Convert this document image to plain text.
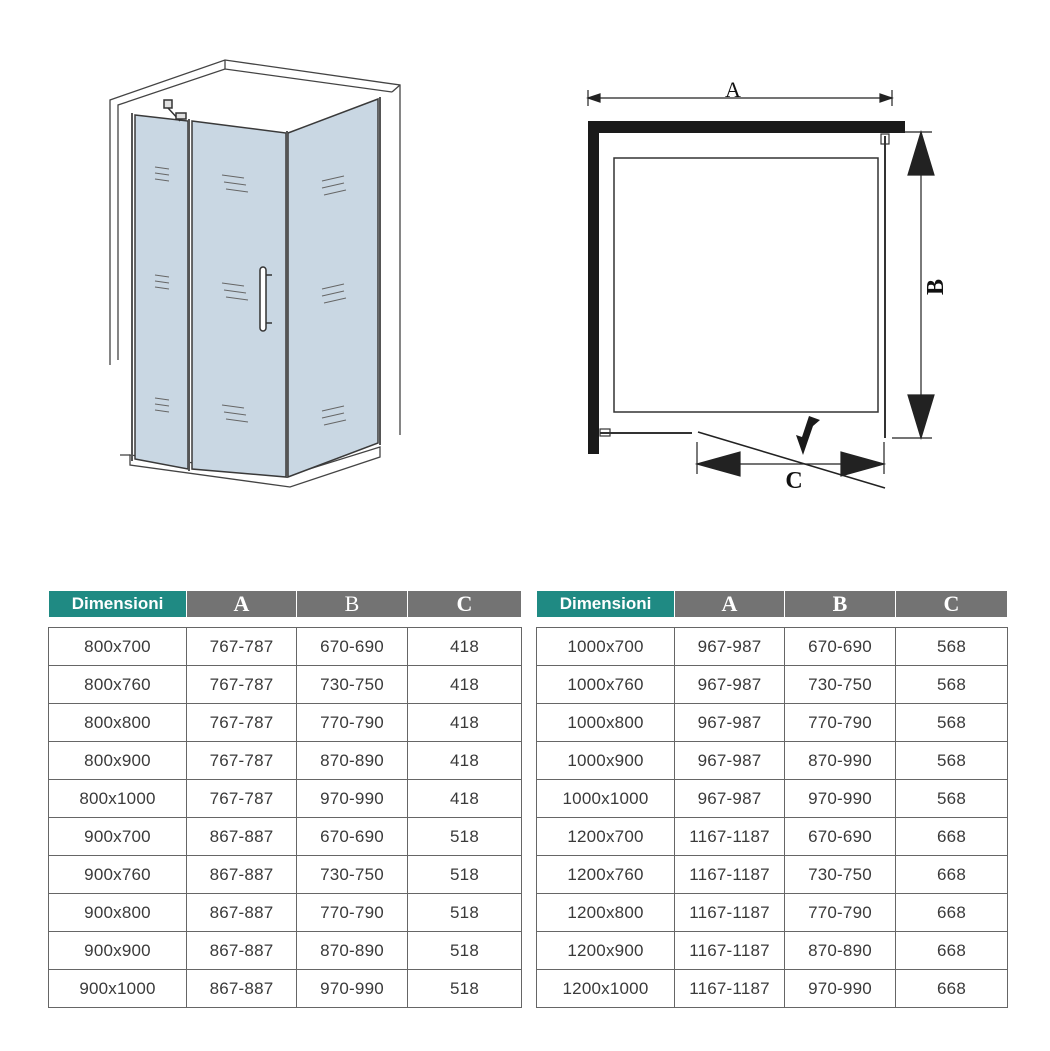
A
B
C
Dimensioni	A	B	C

800x700	767-787	670-690	418
800x760	767-787	730-750	418
800x800	767-787	770-790	418
800x900	767-787	870-890	418
800x1000	767-787	970-990	418
900x700	867-887	670-690	518
900x760	867-887	730-750	518
900x800	867-887	770-790	518
900x900	867-887	870-890	518
900x1000	867-887	970-990	518
Dimensioni	A	B	C

1000x700	967-987	670-690	568
1000x760	967-987	730-750	568
1000x800	967-987	770-790	568
1000x900	967-987	870-990	568
1000x1000	967-987	970-990	568
1200x700	1167-1187	670-690	668
1200x760	1167-1187	730-750	668
1200x800	1167-1187	770-790	668
1200x900	1167-1187	870-890	668
1200x1000	1167-1187	970-990	668
